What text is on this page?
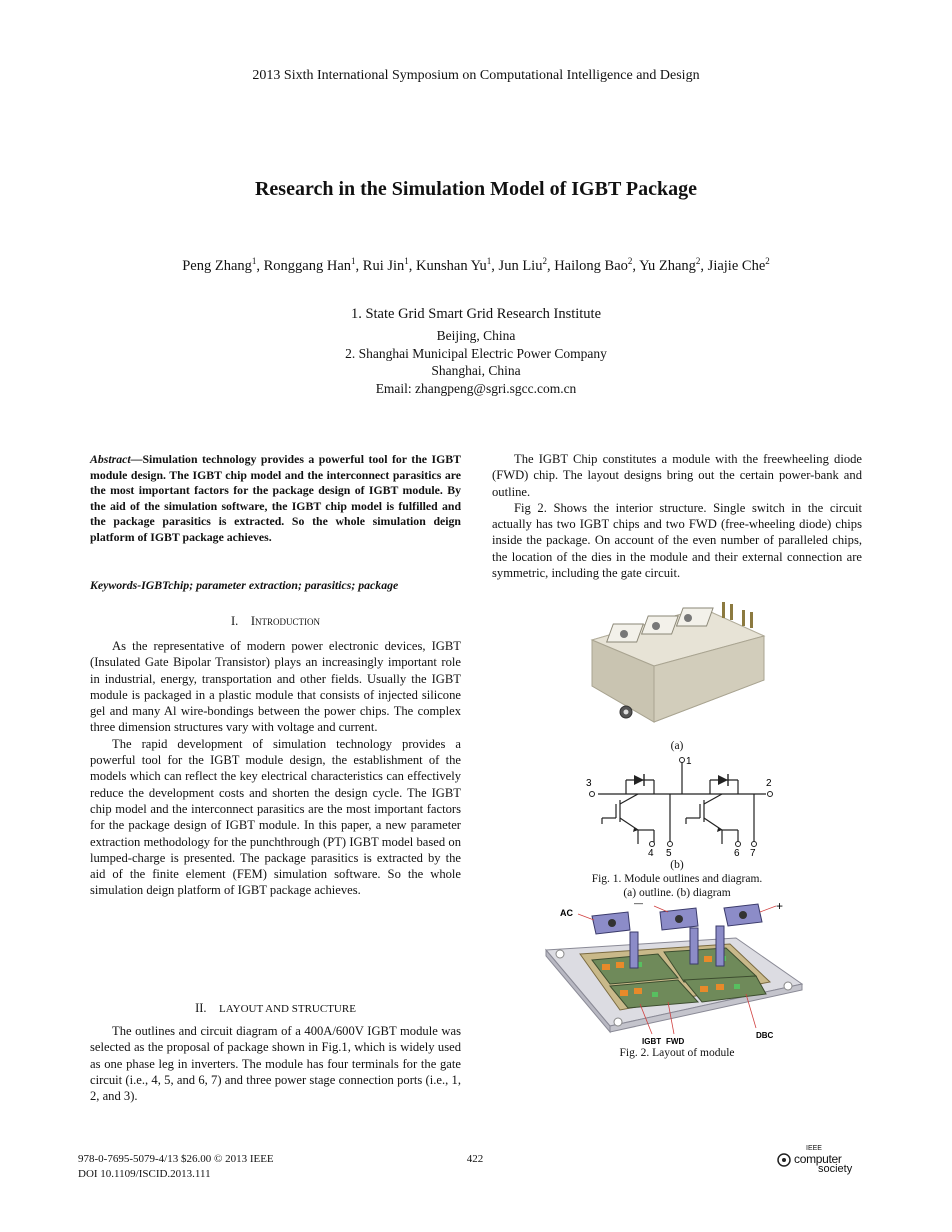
2013 Sixth International Symposium on Computational Intelligence and Design
Research in the Simulation Model of IGBT Package
Peng Zhang$^1$, Ronggang Han$^1$, Rui Jin$^1$, Kunshan Yu$^1$, Jun Liu$^2$, Hailong Bao$^2$, Yu Zhang$^2$, Jiajie Che$^2$
1. State Grid Smart Grid Research Institute
Beijing, China
2. Shanghai Municipal Electric Power Company
Shanghai, China
Email: zhangpeng@sgri.sgcc.com.cn
Abstract—Simulation technology provides a powerful tool for the IGBT module design. The IGBT chip model and the interconnect parasitics are the most important factors for the package design of IGBT module. By the aid of the simulation software, the IGBT chip model is fulfilled and the package parasitics is extracted. So the whole simulation deign platform of IGBT package achieves.
Keywords-IGBTchip; parameter extraction; parasitics; package
I. Introduction

As the representative of modern power electronic devices, IGBT (Insulated Gate Bipolar Transistor) plays an increasingly important role in industrial, energy, transportation and other fields. Usually the IGBT module is packaged in a plastic module that consists of injected silicone gel and many Al wire-bondings between the power chips. The complex three dimension structures vary with voltage and current.

The rapid development of simulation technology provides a powerful tool for the IGBT module design, the establishment of the models which can reflect the key electrical characteristics can effectively reduce the development costs and shorten the design cycle. The IGBT chip model and the interconnect parasitics are the most important factors for the package design of IGBT module. In this paper, a new parameter extraction methodology for the punchthrough (PT) IGBT model based on lumped-charge is presented. The package parasitics is extracted by the aid of the finite element (FEM) simulation software. So the whole simulation deign platform of IGBT package achieves.

II. LAYOUT AND STRUCTURE

The outlines and circuit diagram of a 400A/600V IGBT module was selected as the proposal of package shown in Fig.1, which is widely used as one phase leg in inverters. The module has four terminals for the gate circuit (i.e., 4, 5, and 6, 7) and three power stage connection ports (i.e., 1, 2, and 3).

The IGBT Chip constitutes a module with the freewheeling diode (FWD) chip. The layout designs bring out the certain power-bank and outline.

Fig 2. Shows the interior structure. Single switch in the circuit actually has two IGBT chips and two FWD (free-wheeling diode) chips inside the package. On account of the even number of paralleled chips, the location of the dies in the module and their external connection are symmetric, including the gate circuit.

(a)
1
2
3
4 5	6 7
(b)
Fig. 1. Module outlines and diagram.
(a) outline. (b) diagram
AC
—	+
IGBT FWD
DBC
Fig. 2. Layout of module
978-0-7695-5079-4/13 $26.00 © 2013 IEEE
DOI 10.1109/ISCID.2013.111
422
IEEE
computer
society
